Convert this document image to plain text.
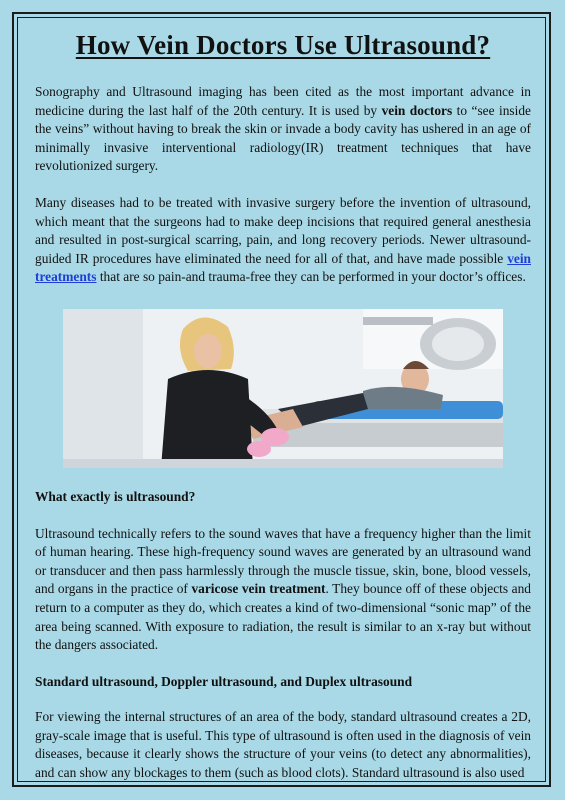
How Vein Doctors Use Ultrasound?

Sonography and Ultrasound imaging has been cited as the most important advance in medicine during the last half of the 20th century. It is used by vein doctors to “see inside the veins” without having to break the skin or invade a body cavity has ushered in an age of minimally invasive interventional radiology(IR) treatment techniques that have revolutionized surgery.

Many diseases had to be treated with invasive surgery before the invention of ultrasound, which meant that the surgeons had to make deep incisions that required general anesthesia and resulted in post-surgical scarring, pain, and long recovery periods. Newer ultrasound-guided IR procedures have eliminated the need for all of that, and have made possible vein treatments that are so pain-and trauma-free they can be performed in your doctor’s offices.

What exactly is ultrasound?

Ultrasound technically refers to the sound waves that have a frequency higher than the limit of human hearing. These high-frequency sound waves are generated by an ultrasound wand or transducer and then pass harmlessly through the muscle tissue, skin, bone, blood vessels, and organs in the practice of varicose vein treatment. They bounce off of these objects and return to a computer as they do, which creates a kind of two-dimensional “sonic map” of the area being scanned. With exposure to radiation, the result is similar to an x-ray but without the dangers associated.

Standard ultrasound, Doppler ultrasound, and Duplex ultrasound

For viewing the internal structures of an area of the body, standard ultrasound creates a 2D, gray-scale image that is useful. This type of ultrasound is often used in the diagnosis of vein diseases, because it clearly shows the structure of your veins (to detect any abnormalities), and can show any blockages to them (such as blood clots). Standard ultrasound is also used
